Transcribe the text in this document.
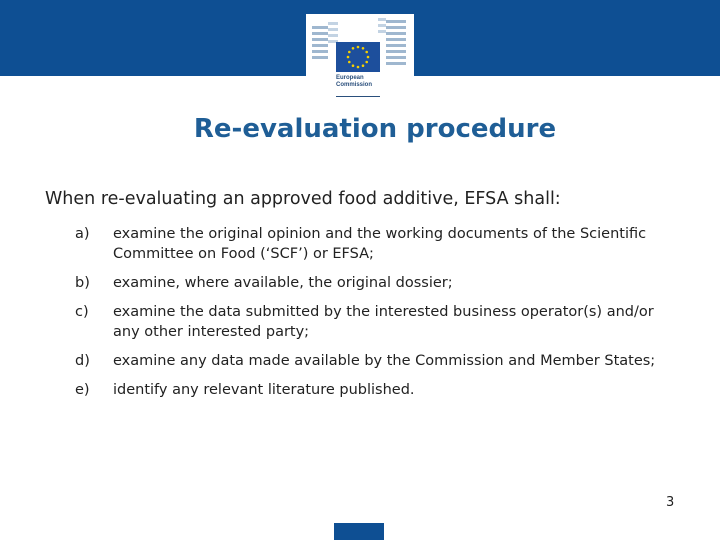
European
Commission
Re-evaluation procedure

When re-evaluating an approved food additive, EFSA shall:

a)	examine the original opinion and the working documents of the Scientific Committee on Food (‘SCF’) or EFSA;
b)	examine, where available, the original dossier;
c)	examine the data submitted by the interested business operator(s) and/or any other interested party;
d)	examine any data made available by the Commission and Member States;
e)	identify any relevant literature published.
3
